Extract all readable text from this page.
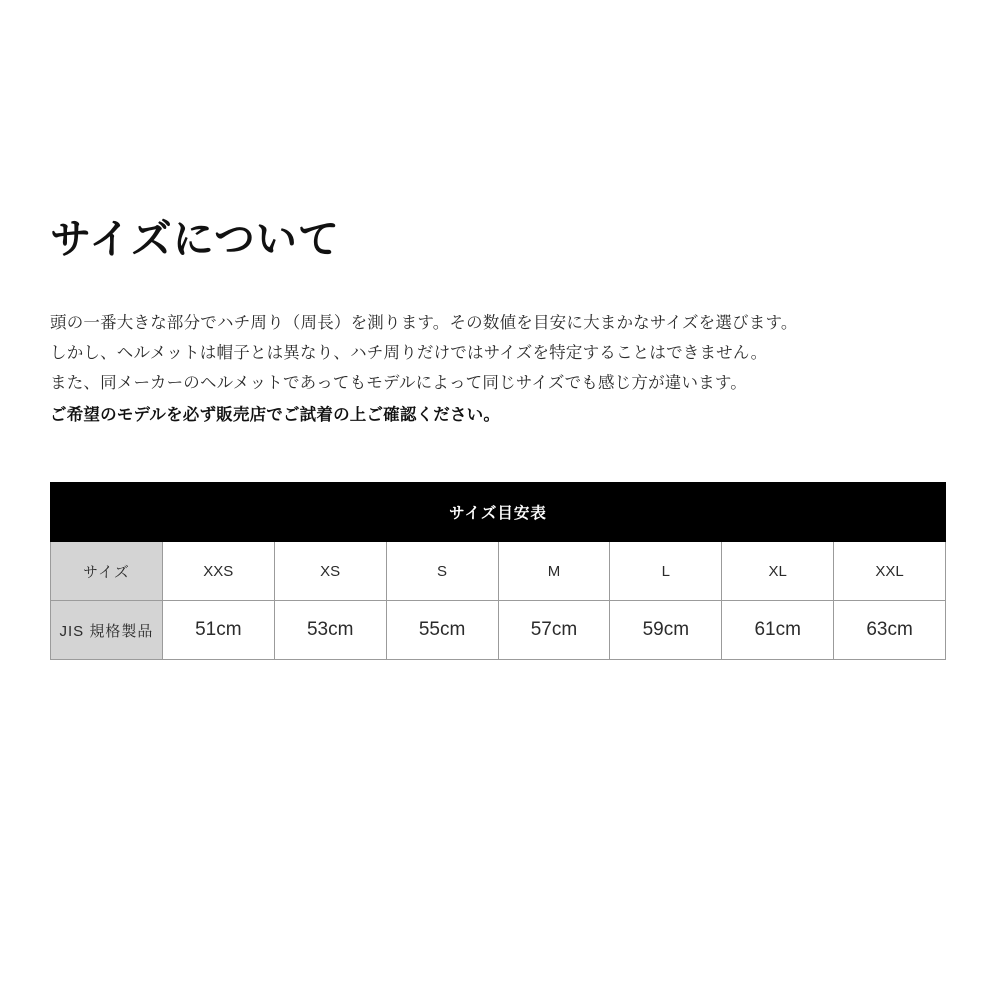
サイズについて
頭の一番大きな部分でハチ周り（周長）を測ります。その数値を目安に大まかなサイズを選びます。
しかし、ヘルメットは帽子とは異なり、ハチ周りだけではサイズを特定することはできません。
また、同メーカーのヘルメットであってもモデルによって同じサイズでも感じ方が違います。
ご希望のモデルを必ず販売店でご試着の上ご確認ください。
サイズ目安表							
サイズ	XXS	XS	S	M	L	XL	XXL
JIS 規格製品	51cm	53cm	55cm	57cm	59cm	61cm	63cm
